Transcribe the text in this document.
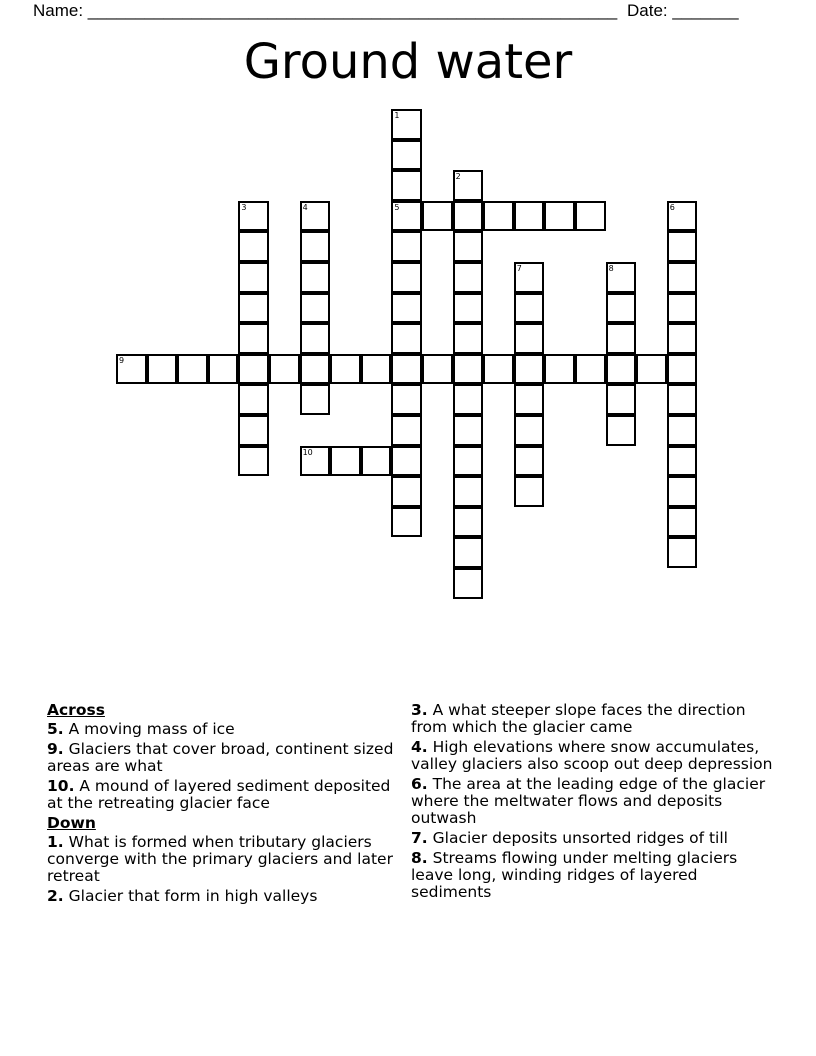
Name: ________________________________________________________ Date: _______
Ground water
1
5
2
3	4	6
7	8
9
10
Across
5. A moving mass of ice
9. Glaciers that cover broad, continent sized areas are what
10. A mound of layered sediment deposited at the retreating glacier face
Down
1. What is formed when tributary glaciers converge with the primary glaciers and later retreat
2. Glacier that form in high valleys
3. A what steeper slope faces the direction from which the glacier came
4. High elevations where snow accumulates, valley glaciers also scoop out deep depression
6. The area at the leading edge of the glacier where the meltwater flows and deposits outwash
7. Glacier deposits unsorted ridges of till
8. Streams flowing under melting glaciers leave long, winding ridges of layered sediments
